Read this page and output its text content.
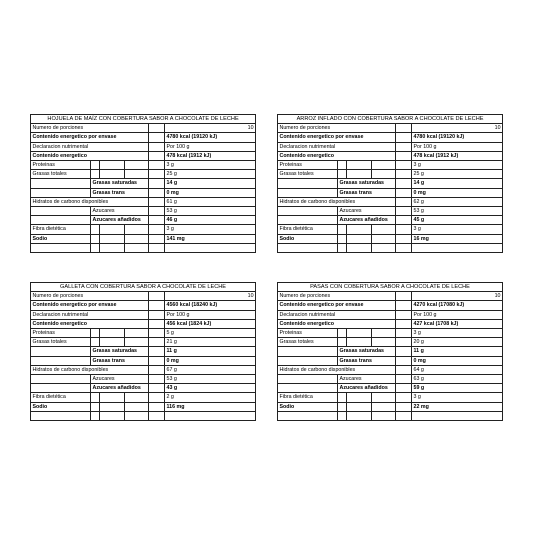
HOJUELA DE MAÍZ CON COBERTURA SABOR A CHOCOLATE DE LECHE					
Numero de porciones					10
Contenido energetico por envase					4780 kcal (19120 kJ)
Declaracion nutrimental					Por 100 g
Contenido energetico					478 kcal (1912 kJ)
Proteinas					3 g
Grasas totales					25 g
	Grasas saturadas				14 g
	Grasas trans				0 mg
Hidratos de carbono disponibles					61 g
	Azucares				53 g
	Azucares añadidos				46 g
Fibra dietética					3 g
Sodio					141 mg

ARROZ INFLADO CON COBERTURA SABOR A CHOCOLATE DE LECHE					
Numero de porciones					10
Contenido energetico por envase					4780 kcal (19120 kJ)
Declaracion nutrimental					Por 100 g
Contenido energetico					478 kcal (1912 kJ)
Proteinas					3 g
Grasas totales					25 g
	Grasas saturadas				14 g
	Grasas trans				0 mg
Hidratos de carbono disponibles					62 g
	Azucares				53 g
	Azucares añadidos				45 g
Fibra dietética					3 g
Sodio					16 mg

GALLETA CON COBERTURA SABOR A CHOCOLATE DE LECHE					
Numero de porciones					10
Contenido energetico por envase					4560 kcal (18240 kJ)
Declaracion nutrimental					Por 100 g
Contenido energetico					456 kcal (1824 kJ)
Proteinas					5 g
Grasas totales					21 g
	Grasas saturadas				11 g
	Grasas trans				0 mg
Hidratos de carbono disponibles					67 g
	Azucares				53 g
	Azucares añadidos				43 g
Fibra dietética					2 g
Sodio					116 mg

PASAS CON COBERTURA SABOR A CHOCOLATE DE LECHE					
Numero de porciones					10
Contenido energetico por envase					4270 kcal (17080 kJ)
Declaracion nutrimental					Por 100 g
Contenido energetico					427 kcal (1708 kJ)
Proteinas					3 g
Grasas totales					20 g
	Grasas saturadas				11 g
	Grasas trans				0 mg
Hidratos de carbono disponibles					64 g
	Azucares				63 g
	Azucares añadidos				59 g
Fibra dietética					3 g
Sodio					22 mg
